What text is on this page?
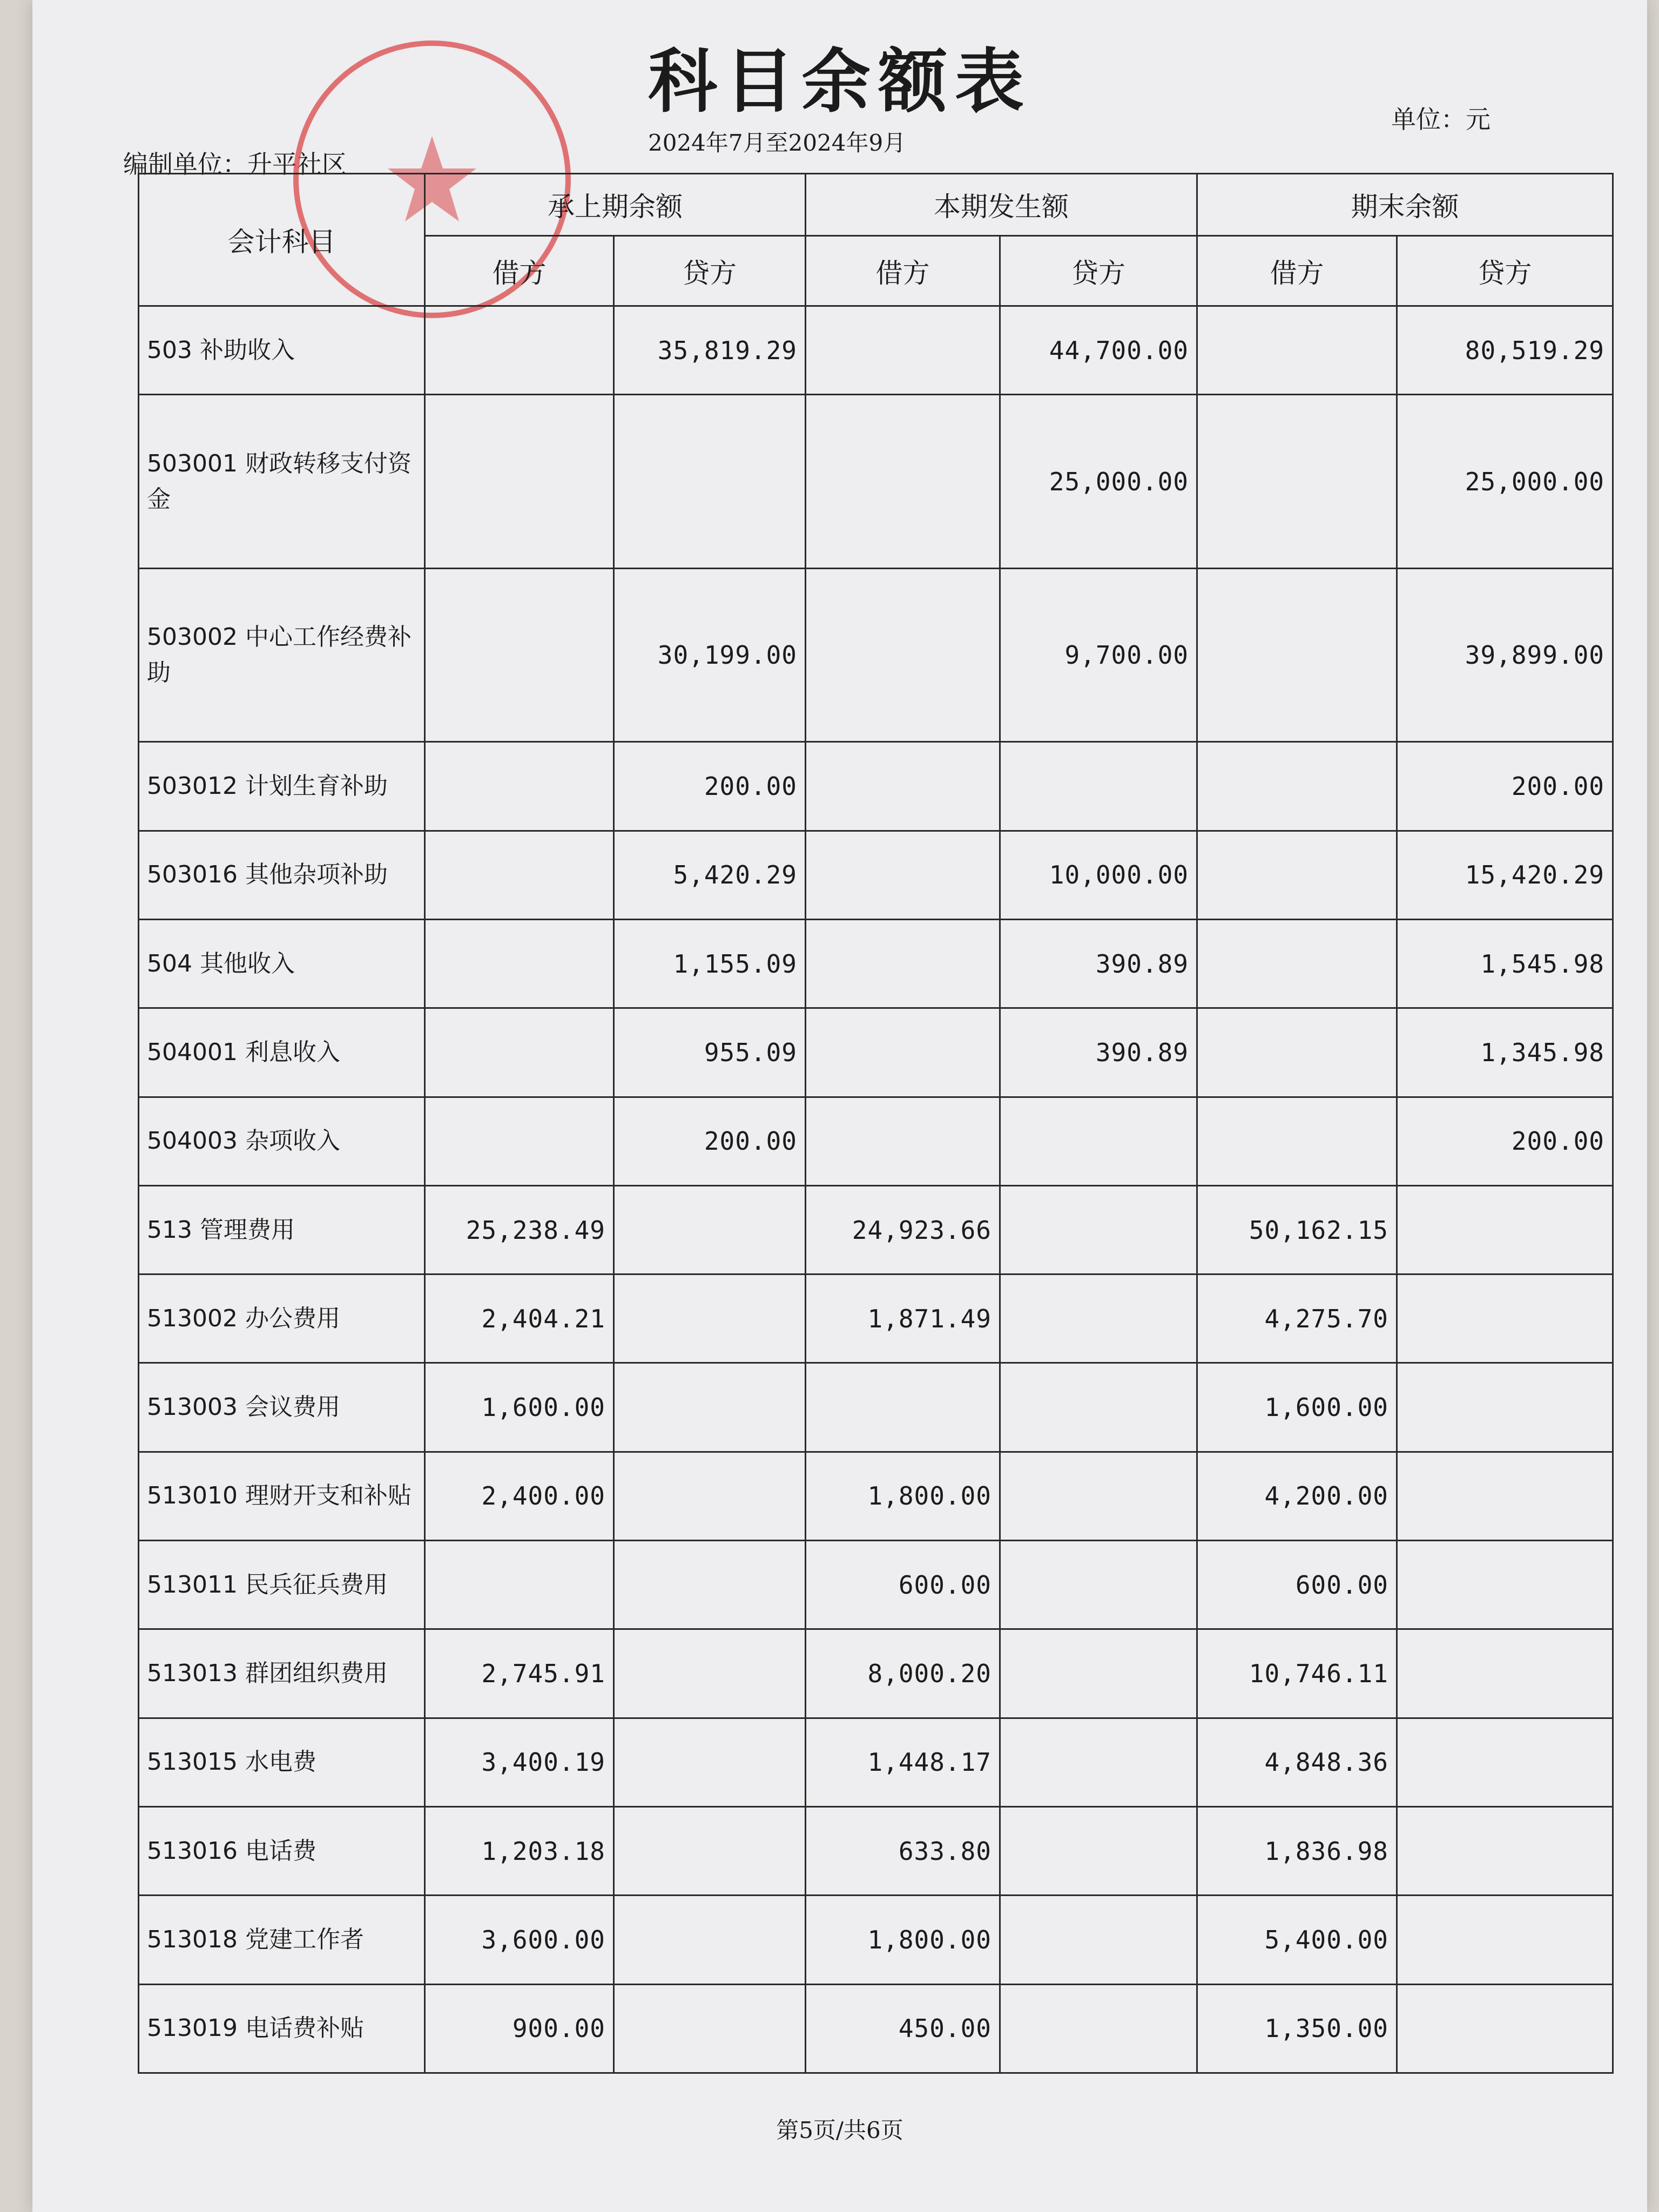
科目余额表	单位：元
编制单位：升平社区
2024年7月至2024年9月
会计科目	承上期余额		本期发生额		期末余额	
	借方	贷方	借方	贷方	借方	贷方
503 补助收入		35,819.29		44,700.00		80,519.29
503001 财政转移支付资金				25,000.00		25,000.00
503002 中心工作经费补助		30,199.00		9,700.00		39,899.00
503012 计划生育补助		200.00				200.00
503016 其他杂项补助		5,420.29		10,000.00		15,420.29
504 其他收入		1,155.09		390.89		1,545.98
504001 利息收入		955.09		390.89		1,345.98
504003 杂项收入		200.00				200.00
513 管理费用	25,238.49		24,923.66		50,162.15	
513002 办公费用	2,404.21		1,871.49		4,275.70	
513003 会议费用	1,600.00				1,600.00	
513010 理财开支和补贴	2,400.00		1,800.00		4,200.00	
513011 民兵征兵费用			600.00		600.00	
513013 群团组织费用	2,745.91		8,000.20		10,746.11	
513015 水电费	3,400.19		1,448.17		4,848.36	
513016 电话费	1,203.18		633.80		1,836.98	
513018 党建工作者	3,600.00		1,800.00		5,400.00	
513019 电话费补贴	900.00		450.00		1,350.00	
第5页/共6页
